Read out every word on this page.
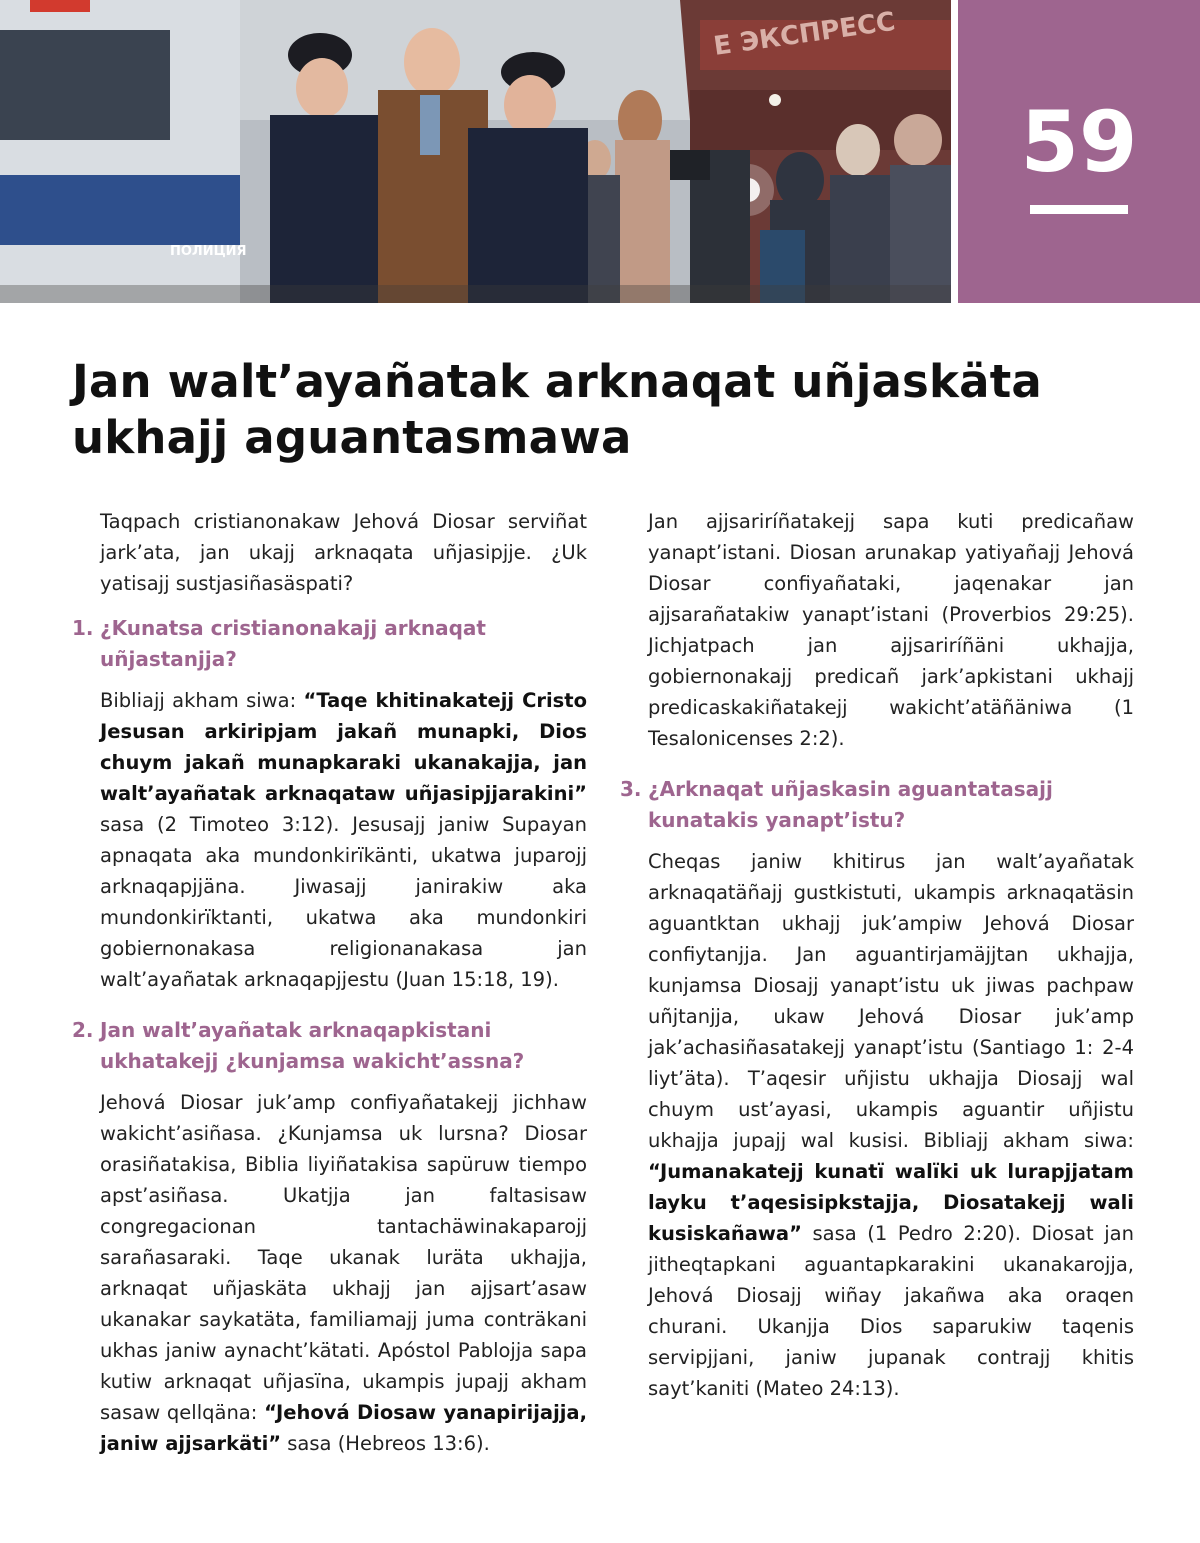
Е ЭКСПРЕСС
ПОЛИЦИЯ
59
Jan walt’ayañatak arknaqat uñjaskäta ukhajj aguantasmawa

Taqpach cristianonakaw Jehová Diosar serviñat jark’ata, jan ukajj arknaqata uñjasipjje. ¿Uk yatisajj sustjasiñasäspati?

1. ¿Kunatsa cristianonakajj arknaqat uñjastanjja?

Bibliajj akham siwa: “Taqe khitinakatejj Cristo Jesusan arkiripjam jakañ munapki, Dios chuym jakañ munapkaraki ukanakajja, jan walt’ayañatak arknaqataw uñjasipjjarakini” sasa (2 Timoteo 3:12). Jesusajj janiw Supayan apnaqata aka mundonkirïkänti, ukatwa juparojj arknaqapjjäna. Jiwasajj janirakiw aka mundonkirïktanti, ukatwa aka mundonkiri gobiernonakasa religionanakasa jan walt’ayañatak arknaqapjjestu (Juan 15:18, 19).

2. Jan walt’ayañatak arknaqapkistani ukhatakejj ¿kunjamsa wakicht’assna?

Jehová Diosar juk’amp confiyañatakejj jichhaw wakicht’asiñasa. ¿Kunjamsa uk lursna? Diosar orasiñatakisa, Biblia liyiñatakisa sapüruw tiempo apst’asiñasa. Ukatjja jan faltasisaw congregacionan tantachäwinakaparojj sarañasaraki. Taqe ukanak luräta ukhajja, arknaqat uñjaskäta ukhajj jan ajjsart’asaw ukanakar saykatäta, familiamajj juma conträkani ukhas janiw aynacht’kätati. Apóstol Pablojja sapa kutiw arknaqat uñjasïna, ukampis jupajj akham sasaw qellqäna: “Jehová Diosaw yanapirijajja, janiw ajjsarkäti” sasa (Hebreos 13:6).

Jan ajjsariríñatakejj sapa kuti predicañaw yanapt’istani. Diosan arunakap yatiyañajj Jehová Diosar confiyañataki, jaqenakar jan ajjsarañatakiw yanapt’istani (Proverbios 29:25). Jichjatpach jan ajjsariríñäni ukhajja, gobiernonakajj predicañ jark’apkistani ukhajj predicaskakiñatakejj wakicht’atäñäniwa (1 Tesalonicenses 2:2).

3. ¿Arknaqat uñjaskasin aguantatasajj kunatakis yanapt’istu?

Cheqas janiw khitirus jan walt’ayañatak arknaqatäñajj gustkistuti, ukampis arknaqatäsin aguantktan ukhajj juk’ampiw Jehová Diosar confiytanjja. Jan aguantirjamäjjtan ukhajja, kunjamsa Diosajj yanapt’istu uk jiwas pachpaw uñjtanjja, ukaw Jehová Diosar juk’amp jak’achasiñasatakejj yanapt’istu (Santiago 1: 2-4 liyt’äta). T’aqesir uñjistu ukhajja Diosajj wal chuym ust’ayasi, ukampis aguantir uñjistu ukhajja jupajj wal kusisi. Bibliajj akham siwa: “Jumanakatejj kunatï walïki uk lurapjjatam layku t’aqesisipkstajja, Diosatakejj wali kusiskañawa” sasa (1 Pedro 2:20). Diosat jan jitheqtapkani aguantapkarakini ukanakarojja, Jehová Diosajj wiñay jakañwa aka oraqen churani. Ukanjja Dios saparukiw taqenis servipjjani, janiw jupanak contrajj khitis sayt’kaniti (Mateo 24:13).
